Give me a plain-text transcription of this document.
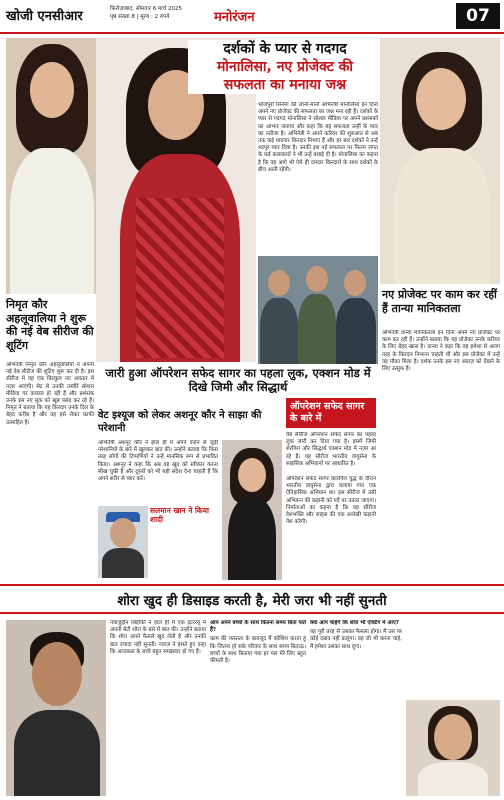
खोजी एनसीआर	फिरोज़ाबाद, सोमवार 6 मार्च 2025
पृष्ठ संख्या 8 | मूल्य : 2 रुपये	मनोरंजन	07
दर्शकों के प्यार से गदगद
मोनालिसा, नए प्रोजेक्ट की
सफलता का मनाया जश्न
भोजपुरी सिनेमा की जानी-मानी अभिनेत्री मोनालिसा इन दिनों अपने नए प्रोजेक्ट की सफलता का जश्न मना रही हैं। दर्शकों के प्यार से गदगद मोनालिसा ने सोशल मीडिया पर अपने प्रशंसकों का आभार जताया और कहा कि यह सफलता उन्हीं के प्यार का नतीजा है। अभिनेत्री ने अपने करियर की शुरुआत से अब तक कई यादगार किरदार निभाए हैं और हर बार दर्शकों ने उन्हें भरपूर प्यार दिया है। उनकी इस नई सफलता पर फिल्म जगत के कई कलाकारों ने भी उन्हें बधाई दी है। मोनालिसा का कहना है कि वह आगे भी ऐसे ही दमदार किरदारों के साथ दर्शकों के बीच आती रहेंगी।
निमृत कौर अहलूवालिया ने शुरू की नई वेब सीरीज की शूटिंग
अभिनेत्री निमृत कौर अहलूवालिया ने अपनी नई वेब सीरीज की शूटिंग शुरू कर दी है। इस सीरीज में वह एक बिल्कुल नए अवतार में नज़र आएंगी। सेट से उनकी तस्वीरें सोशल मीडिया पर वायरल हो रही हैं और प्रशंसक उनके इस नए लुक को खूब पसंद कर रहे हैं। निमृत ने बताया कि यह किरदार उनके दिल के बेहद करीब है और वह इसे लेकर काफी उत्साहित हैं।
जारी हुआ ऑपरेशन सफेद सागर का पहला लुक, एक्शन मोड में दिखे जिमी और सिद्धार्थ
वेट इश्यूज को लेकर अशनूर कौर ने साझा की परेशानी
अभिनेत्री अशनूर कौर ने हाल ही में अपने वज़न से जुड़ी परेशानियों के बारे में खुलकर बात की। उन्होंने बताया कि किस तरह लोगों की टिप्पणियों ने उन्हें मानसिक रूप से प्रभावित किया। अशनूर ने कहा कि अब वह खुद को स्वीकार करना सीख चुकी हैं और दूसरों को भी यही संदेश देना चाहती हैं कि अपने शरीर से प्यार करें।
सलमान खान ने किया शादी
ऑपरेशन सफेद सागर के बारे में
वेब सीरीज ऑपरेशन सफेद सागर का पहला लुक जारी कर दिया गया है। इसमें जिमी शेरगिल और सिद्धार्थ एक्शन मोड में नज़र आ रहे हैं। यह सीरीज भारतीय वायुसेना के साहसिक अभियानों पर आधारित है।
ऑपरेशन सफेद सागर कारगिल युद्ध के दौरान भारतीय वायुसेना द्वारा चलाया गया एक ऐतिहासिक अभियान था। इस सीरीज में उसी अभियान की कहानी को पर्दे पर उतारा जाएगा। निर्माताओं का कहना है कि यह सीरीज देशभक्ति और साहस की एक अनोखी कहानी पेश करेगी।
नए प्रोजेक्ट पर काम कर रहीं हैं तान्या मानिकतला
अभिनेत्री तान्या मानिकतला इन दिनों अपने नए प्रोजेक्ट पर काम कर रही हैं। उन्होंने बताया कि यह प्रोजेक्ट उनके करियर के लिए बेहद खास है। तान्या ने कहा कि वह हमेशा से अलग तरह के किरदार निभाना चाहती थीं और इस प्रोजेक्ट में उन्हें वह मौका मिला है। दर्शक उनके इस नए अंदाज़ को देखने के लिए उत्सुक हैं।
शोरा खुद ही डिसाइड करती है, मेरी जरा भी नहीं सुनती
नवाज़ुद्दीन सिद्दीकी ने हाल ही में एक इंटरव्यू में अपनी बेटी शोरा के बारे में बात की। उन्होंने बताया कि शोरा अपने फैसले खुद लेती है और उनकी बात ज़्यादा नहीं सुनती। नवाज़ ने हंसते हुए कहा कि आजकल के बच्चे बहुत समझदार हो गए हैं।
आप अपने बच्चों के साथ कितना समय बिता पाते हैं?
काम की व्यस्तता के बावजूद मैं कोशिश करता हूं कि जितना हो सके परिवार के साथ समय बिताऊं। बच्चों के साथ बिताया गया हर पल मेरे लिए बहुत कीमती है।
क्या आप चाहेंगे कि शोरा भी एक्टिंग में आए?
यह पूरी तरह से उसका फैसला होगा। मैं उस पर कोई दबाव नहीं डालूंगा। वह जो भी करना चाहे, मैं हमेशा उसका साथ दूंगा।
